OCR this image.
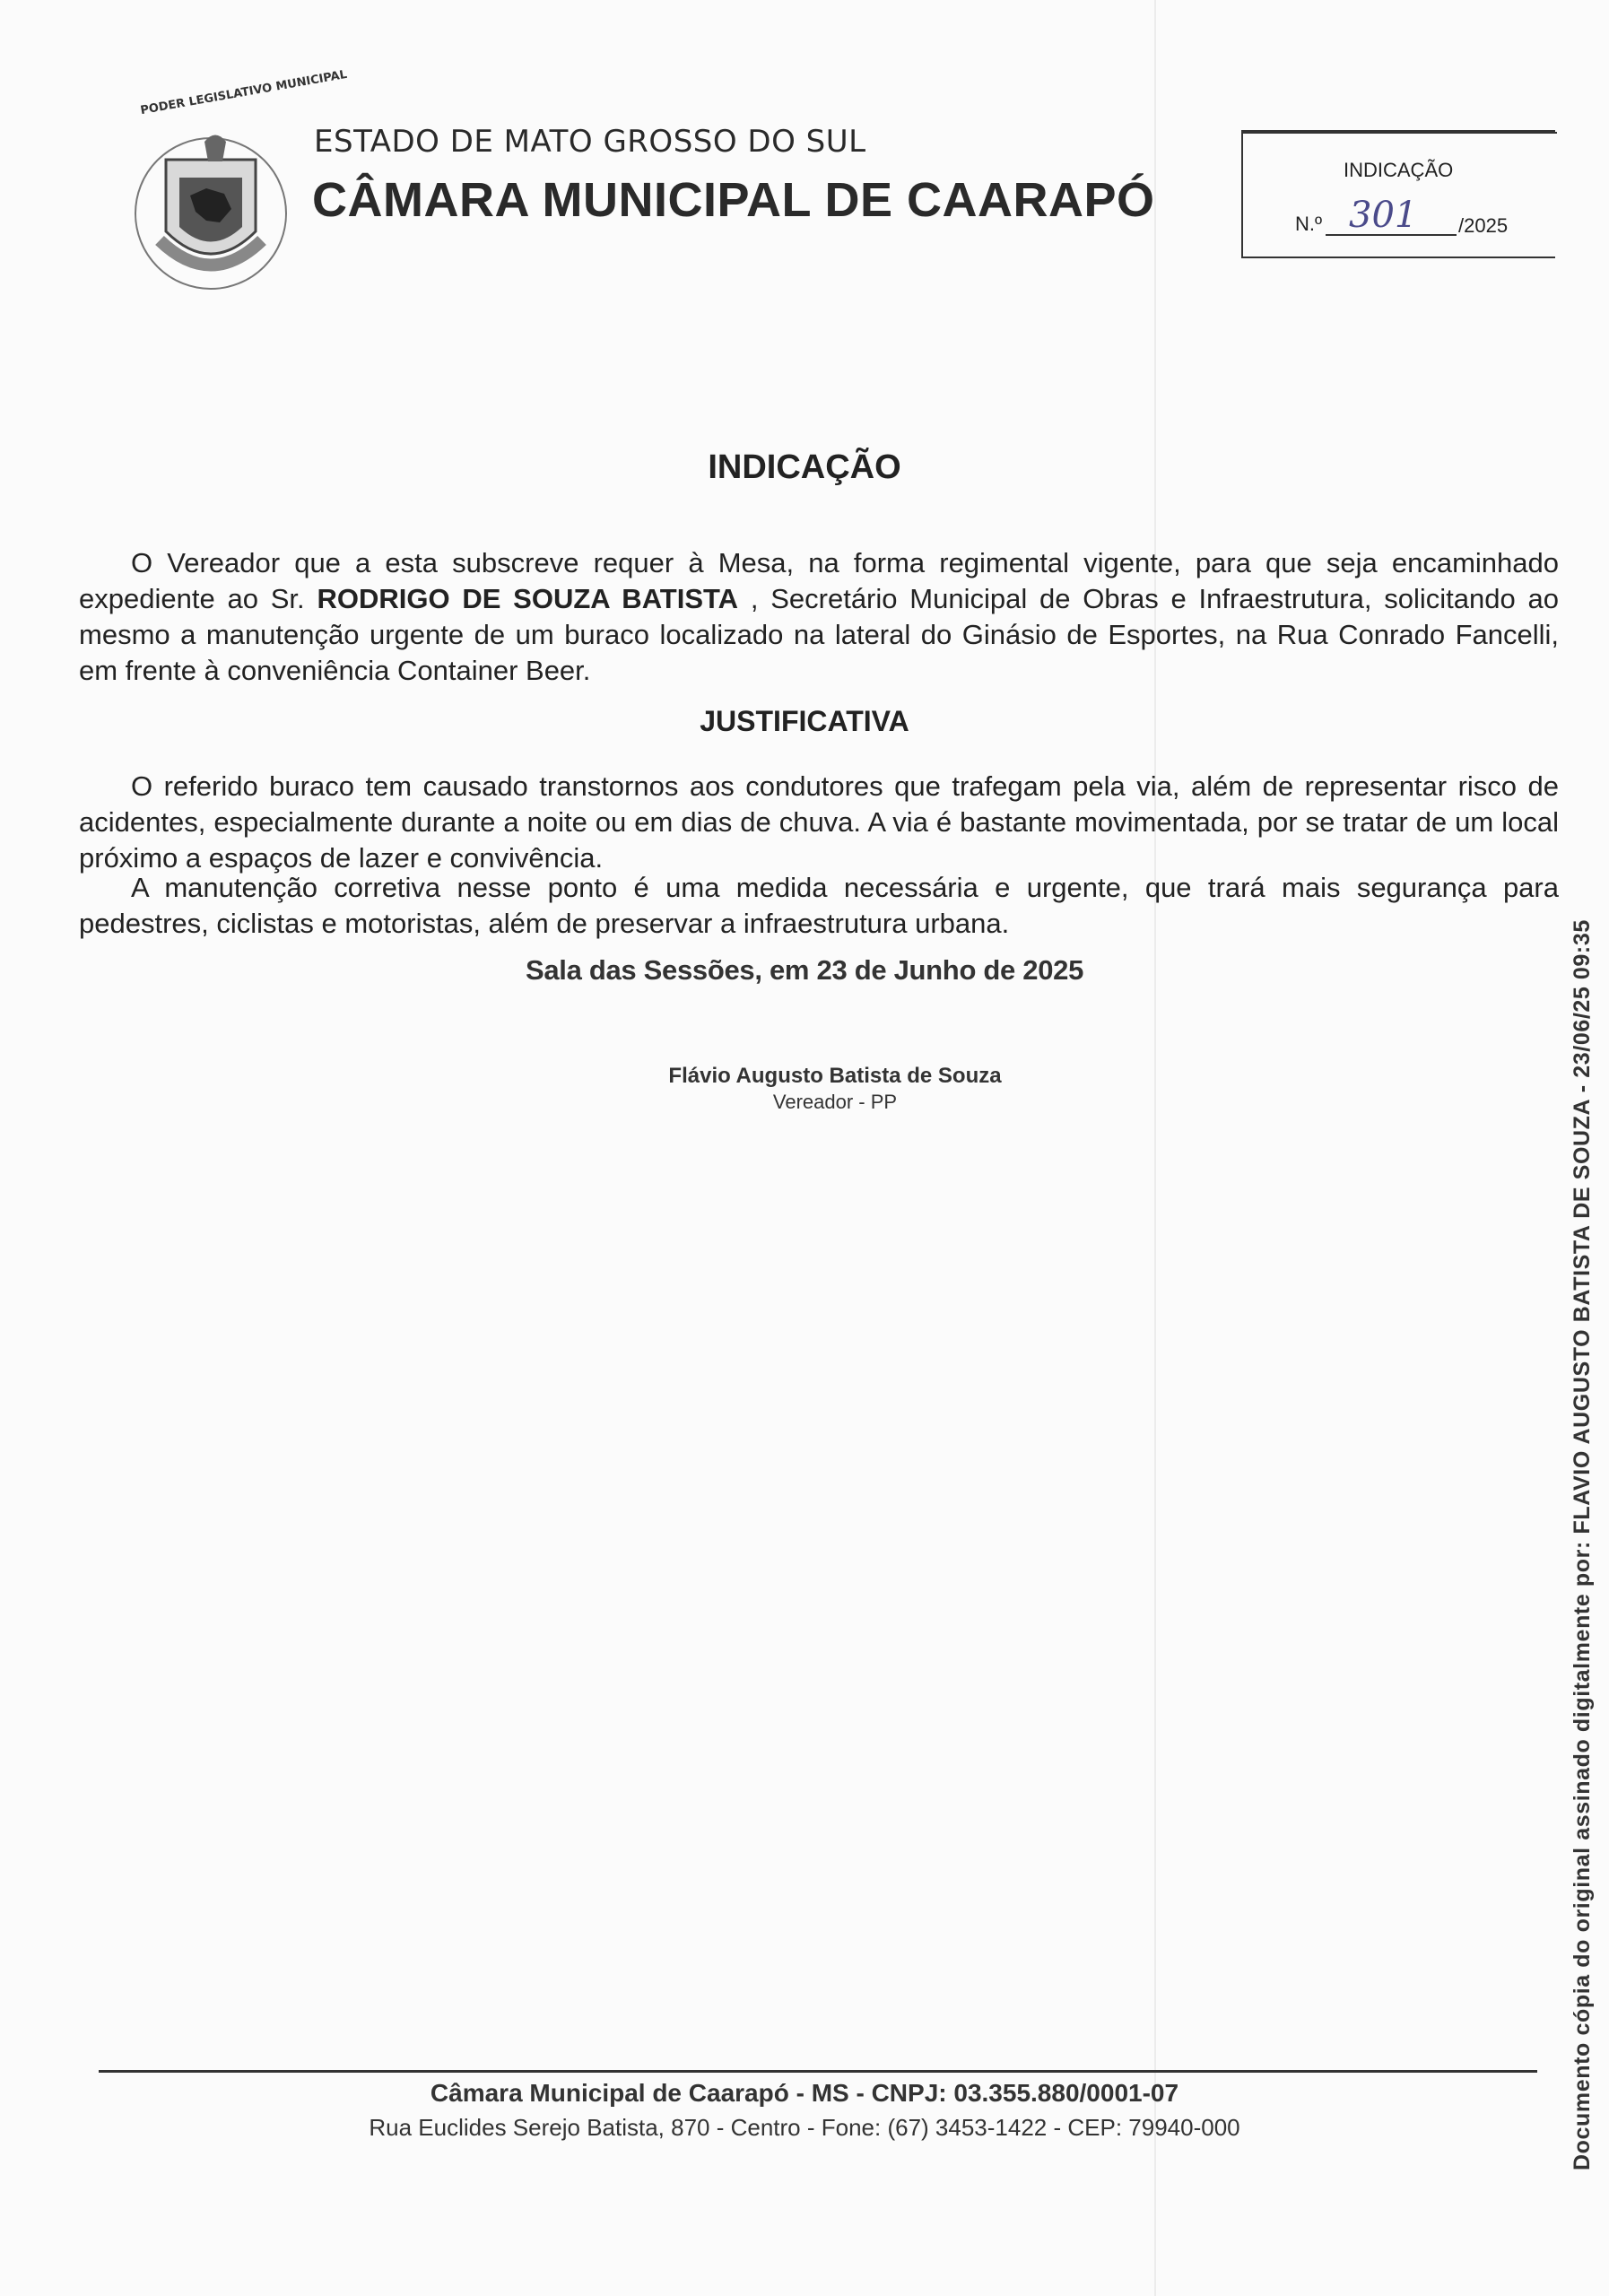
PODER LEGISLATIVO MUNICIPAL
ESTADO DE MATO GROSSO DO SUL
CÂMARA MUNICIPAL DE CAARAPÓ
INDICAÇÃO
N.º 301 /2025
INDICAÇÃO
O Vereador que a esta subscreve requer à Mesa, na forma regimental vigente, para que seja encaminhado expediente ao Sr. RODRIGO DE SOUZA BATISTA , Secretário Municipal de Obras e Infraestrutura, solicitando ao mesmo a manutenção urgente de um buraco localizado na lateral do Ginásio de Esportes, na Rua Conrado Fancelli, em frente à conveniência Container Beer.
JUSTIFICATIVA
O referido buraco tem causado transtornos aos condutores que trafegam pela via, além de representar risco de acidentes, especialmente durante a noite ou em dias de chuva. A via é bastante movimentada, por se tratar de um local próximo a espaços de lazer e convivência.
A manutenção corretiva nesse ponto é uma medida necessária e urgente, que trará mais segurança para pedestres, ciclistas e motoristas, além de preservar a infraestrutura urbana.
Sala das Sessões, em 23 de Junho de 2025
Flávio Augusto Batista de Souza
Vereador - PP
Câmara Municipal de Caarapó - MS - CNPJ: 03.355.880/0001-07
Rua Euclides Serejo Batista, 870 - Centro - Fone: (67) 3453-1422 - CEP: 79940-000	Documento cópia do original assinado digitalmente por: FLAVIO AUGUSTO BATISTA DE SOUZA - 23/06/25 09:35
